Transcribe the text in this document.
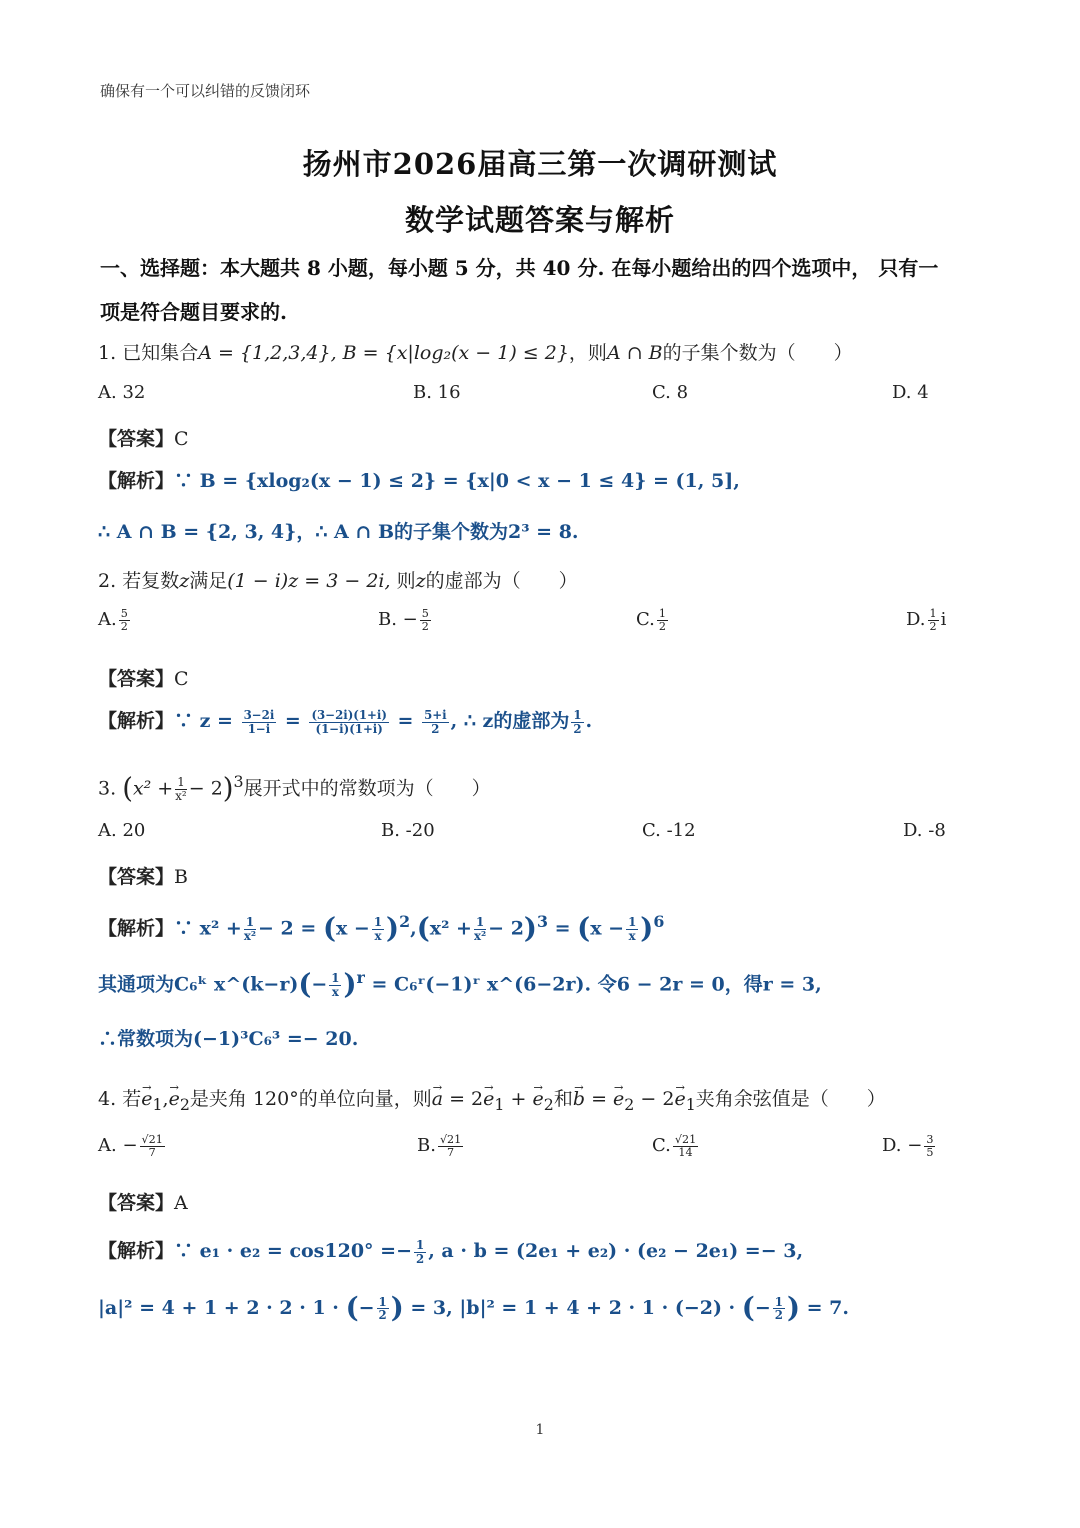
确保有一个可以纠错的反馈闭环
扬州市2026届高三第一次调研测试
数学试题答案与解析
一、选择题：本大题共 8 小题，每小题 5 分，共 40 分. 在每小题给出的四个选项中， 只有一
项是符合题目要求的.
1. 已知集合A = {1,2,3,4}, B = {x|log₂(x − 1) ≤ 2}，则A ∩ B的子集个数为（　　）
A. 32	B. 16	C. 8	D. 4
【答案】C
【解析】∵ B = {xlog₂(x − 1) ≤ 2} = {x|0 < x − 1 ≤ 4} = (1, 5],
∴ A ∩ B = {2, 3, 4}，∴ A ∩ B的子集个数为2³ = 8.
2. 若复数z满足(1 − i)z = 3 − 2i, 则z的虚部为（　　）
A. $\frac{5}{2}$	B. − $\frac{5}{2}$	C. $\frac{1}{2}$	D. $\frac{1}{2}$ i
【答案】C
【解析】∵ $z = \frac{3-2i}{1-i} = \frac{(3-2i)(1+i)}{(1-i)(1+i)} = \frac{5+i}{2}$ , ∴ z的虚部为 $\frac{1}{2}$ .
3. $(x^2 + \frac{1}{\text{x²}} - 2)^3$展开式中的常数项为（　　）
A. 20	B. -20	C. -12	D. -8
【答案】B
【解析】∵ $x^2 + \frac{1}{\text{x²}} - 2 = (x - \frac{1}{x} )^2,(x^2 + \frac{1}{\text{x²}} - 2)^3 = (x - \frac{1}{x} )^6$
其通项为C₆ᵏ x^(k−r)(− $\frac{1}{x} )^r$ = C₆ʳ(−1)ʳ x^(6−2r). 令6 − 2r = 0，得r = 3,
∴常数项为(−1)³C₆³ =− 20.
4. 若→ $e_1,\to e_2$是夹角 120°的单位向量，则→ $a = 2\to e_1$ + → $e_2$和→ b = → $e_2 - 2\to e_1$夹角余弦值是（　　）
A. − $\frac{√21}{7}$	B. $\frac{√21}{7}$	C. $\frac{√21}{14}$	D. − $\frac{3}{5}$
【答案】A
【解析】∵ $e_1 \cdot e_2 = \cos 120^\circ =- \frac{1}{2}$ , a · b = (2e₁ + e₂) · (e₂ − 2e₁) =− 3,
|a|² = 4 + 1 + 2 · 2 · 1 · (− $\frac{1}{2}$ ) = 3, |b|² = 1 + 4 + 2 · 1 · (−2) · (− $\frac{1}{2}$ ) = 7.
1
